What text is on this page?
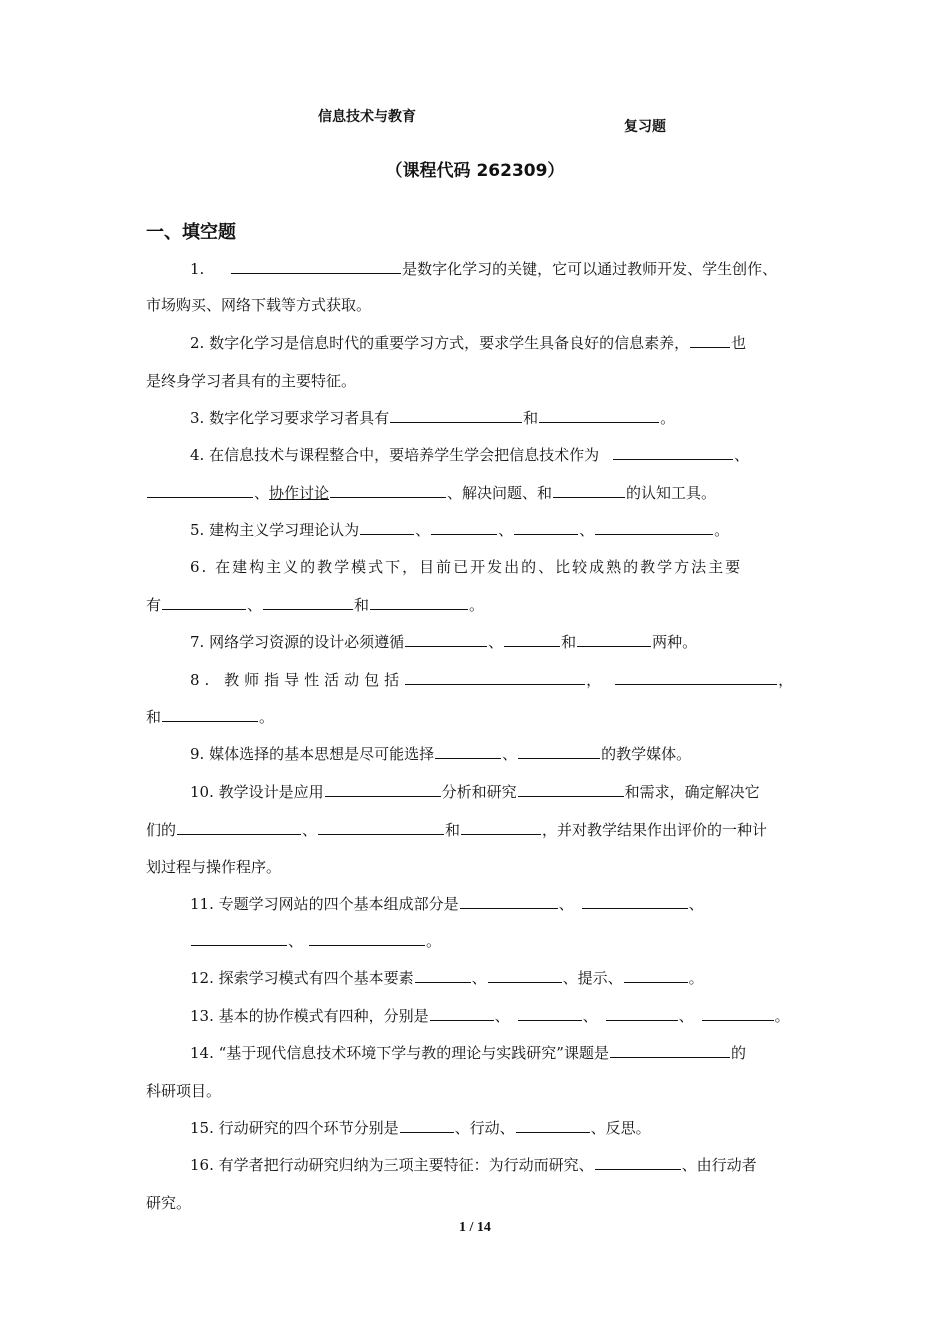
信息技术与教育
复习题
（课程代码 262309）
一、填空题
1.	是数字化学习的关键，它可以通过教师开发、学生创作、
市场购买、网络下载等方式获取。
2. 数字化学习是信息时代的重要学习方式，要求学生具备良好的信息素养，	也
是终身学习者具有的主要特征。
3. 数字化学习要求学习者具有	和	。
4. 在信息技术与课程整合中，要培养学生学会把信息技术作为	、
、协作讨论	、解决问题、和	的认知工具。
5. 建构主义学习理论认为	、	、	、	。
6. 在建构主义的教学模式下，目前已开发出的、比较成熟的教学方法主要
有	、	和	。
7. 网络学习资源的设计必须遵循	、	和	两种。
8. 教师指导性活动包括	，	，
和	。
9. 媒体选择的基本思想是尽可能选择	、	的教学媒体。
10. 教学设计是应用	分析和研究	和需求，确定解决它
们的	、	和	，并对教学结果作出评价的一种计
划过程与操作程序。
11. 专题学习网站的四个基本组成部分是	、	、
、	。
12. 探索学习模式有四个基本要素	、	、提示、	。
13. 基本的协作模式有四种，分别是	、	、	、	。
14. “基于现代信息技术环境下学与教的理论与实践研究”课题是	的
科研项目。
15. 行动研究的四个环节分别是	、行动、	、反思。
16. 有学者把行动研究归纳为三项主要特征：为行动而研究、	、由行动者
研究。
1 / 14
